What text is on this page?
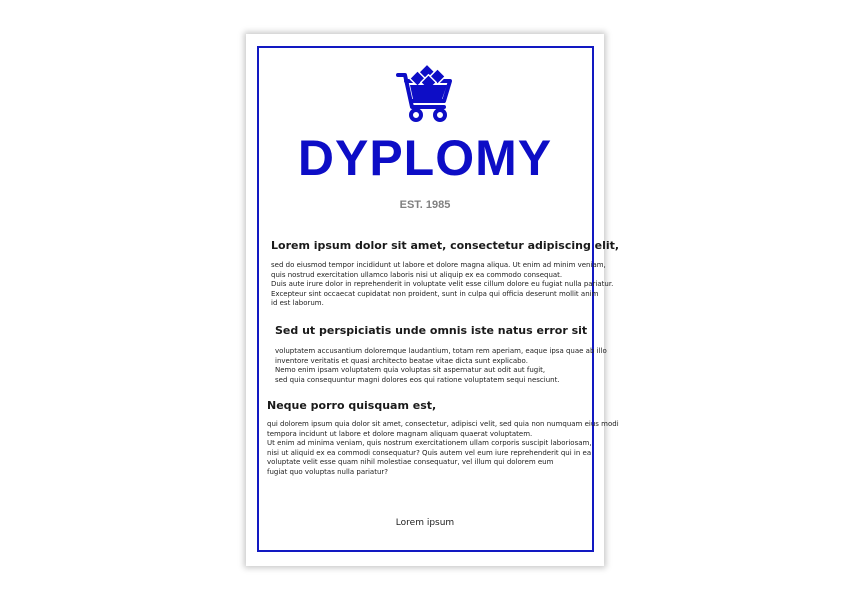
DYPLOMY
EST. 1985
Lorem ipsum dolor sit amet, consectetur adipiscing elit,
sed do eiusmod tempor incididunt ut labore et dolore magna aliqua. Ut enim ad minim veniam,
quis nostrud exercitation ullamco laboris nisi ut aliquip ex ea commodo consequat.
Duis aute irure dolor in reprehenderit in voluptate velit esse cillum dolore eu fugiat nulla pariatur.
Excepteur sint occaecat cupidatat non proident, sunt in culpa qui officia deserunt mollit anim
id est laborum.
Sed ut perspiciatis unde omnis iste natus error sit
voluptatem accusantium doloremque laudantium, totam rem aperiam, eaque ipsa quae ab illo
inventore veritatis et quasi architecto beatae vitae dicta sunt explicabo.
Nemo enim ipsam voluptatem quia voluptas sit aspernatur aut odit aut fugit,
sed quia consequuntur magni dolores eos qui ratione voluptatem sequi nesciunt.
Neque porro quisquam est,
qui dolorem ipsum quia dolor sit amet, consectetur, adipisci velit, sed quia non numquam eius modi
tempora incidunt ut labore et dolore magnam aliquam quaerat voluptatem.
Ut enim ad minima veniam, quis nostrum exercitationem ullam corporis suscipit laboriosam,
nisi ut aliquid ex ea commodi consequatur? Quis autem vel eum iure reprehenderit qui in ea
voluptate velit esse quam nihil molestiae consequatur, vel illum qui dolorem eum
fugiat quo voluptas nulla pariatur?
Lorem ipsum
